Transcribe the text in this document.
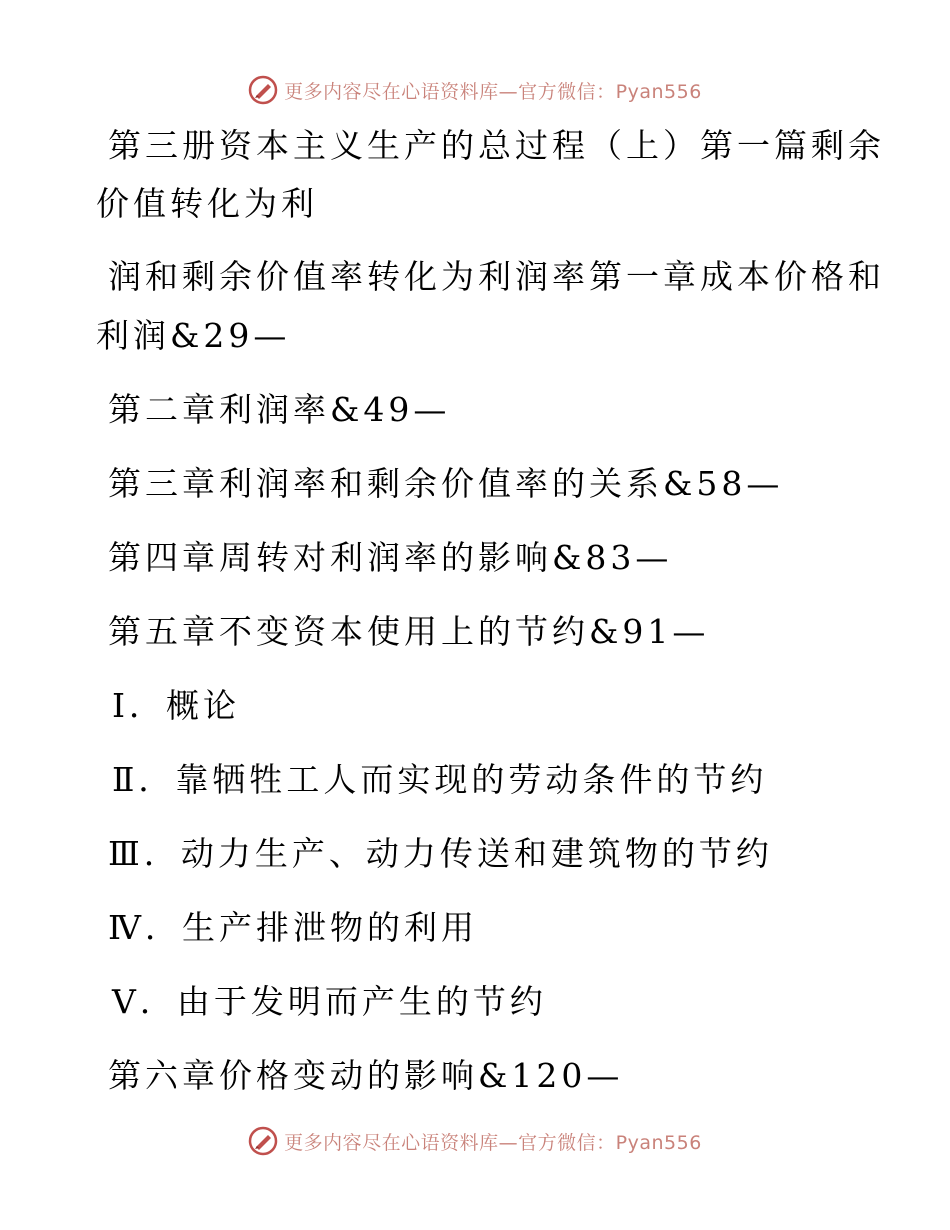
更多内容尽在心语资料库—官方微信：Pyan556
第三册资本主义生产的总过程（上）第一篇剩余
价值转化为利
润和剩余价值率转化为利润率第一章成本价格和
利润&29—
第二章利润率&49—
第三章利润率和剩余价值率的关系&58—
第四章周转对利润率的影响&83—
第五章不变资本使用上的节约&91—
Ⅰ．概论
Ⅱ．靠牺牲工人而实现的劳动条件的节约
Ⅲ．动力生产、动力传送和建筑物的节约
Ⅳ．生产排泄物的利用
Ⅴ．由于发明而产生的节约
第六章价格变动的影响&120—
更多内容尽在心语资料库—官方微信：Pyan556
